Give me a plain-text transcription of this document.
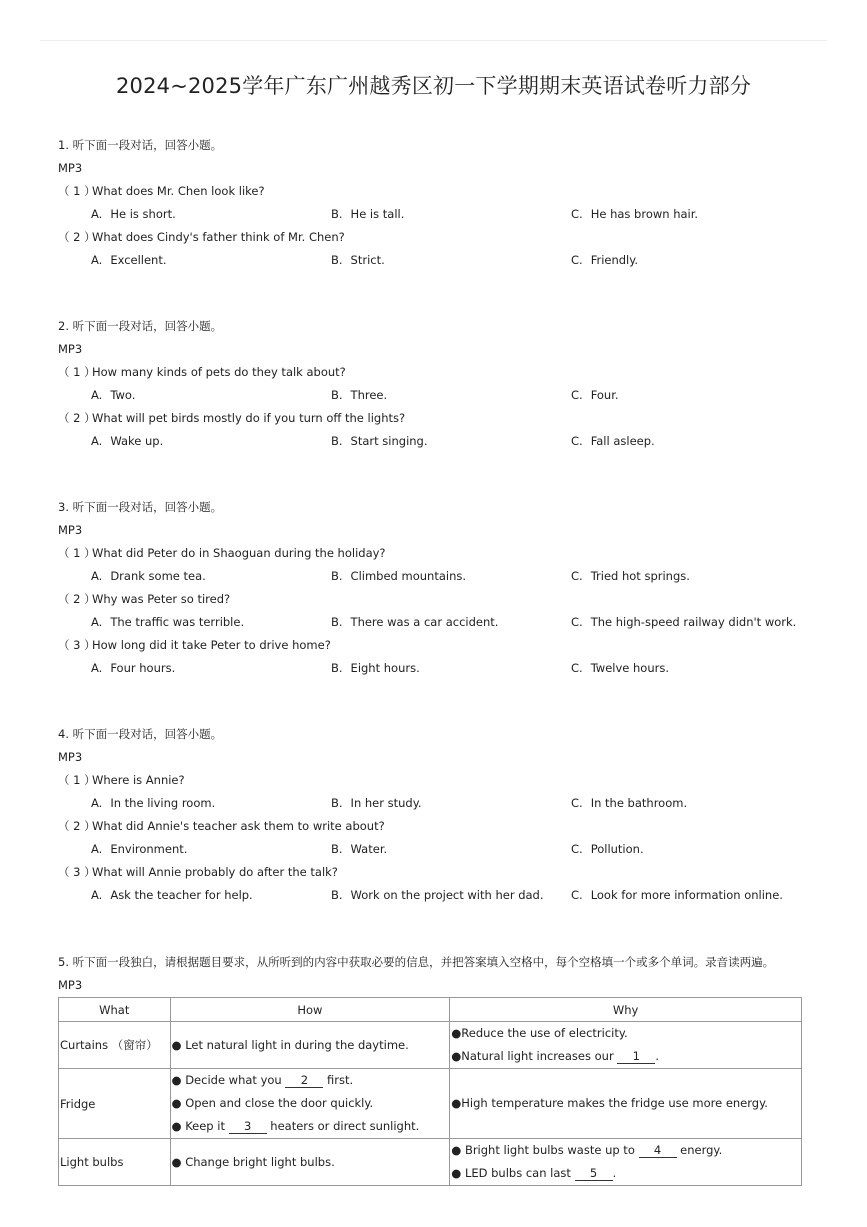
2024~2025学年广东广州越秀区初一下学期期末英语试卷听力部分
1. 听下面一段对话，回答小题。
MP3
（ 1 ）What does Mr. Chen look like?
A. He is short.	B. He is tall.	C. He has brown hair.
（ 2 ）What does Cindy's father think of Mr. Chen?
A. Excellent.	B. Strict.	C. Friendly.
2. 听下面一段对话，回答小题。
MP3
（ 1 ）How many kinds of pets do they talk about?
A. Two.	B. Three.	C. Four.
（ 2 ）What will pet birds mostly do if you turn off the lights?
A. Wake up.	B. Start singing.	C. Fall asleep.
3. 听下面一段对话，回答小题。
MP3
（ 1 ）What did Peter do in Shaoguan during the holiday?
A. Drank some tea.	B. Climbed mountains.	C. Tried hot springs.
（ 2 ）Why was Peter so tired?
A. The traffic was terrible.	B. There was a car accident.	C. The high-speed railway didn't work.
（ 3 ）How long did it take Peter to drive home?
A. Four hours.	B. Eight hours.	C. Twelve hours.
4. 听下面一段对话，回答小题。
MP3
（ 1 ）Where is Annie?
A. In the living room.	B. In her study.	C. In the bathroom.
（ 2 ）What did Annie's teacher ask them to write about?
A. Environment.	B. Water.	C. Pollution.
（ 3 ）What will Annie probably do after the talk?
A. Ask the teacher for help.	B. Work on the project with her dad. C. Look for more information online.
5. 听下面一段独白，请根据题目要求，从所听到的内容中获取必要的信息，并把答案填入空格中，每个空格填一个或多个单词。录音读两遍。
MP3
What	How	Why
Curtains （窗帘）	● Let natural light in during the daytime.	●Reduce the use of electricity.
●Natural light increases our 1 .

Fridge	● Decide what you 2 first.
● Open and close the door quickly.
● Keep it 3 heaters or direct sunlight.	●High temperature makes the fridge use more energy.

Light bulbs	● Change bright light bulbs.	● Bright light bulbs waste up to 4 energy.
● LED bulbs can last 5 .
